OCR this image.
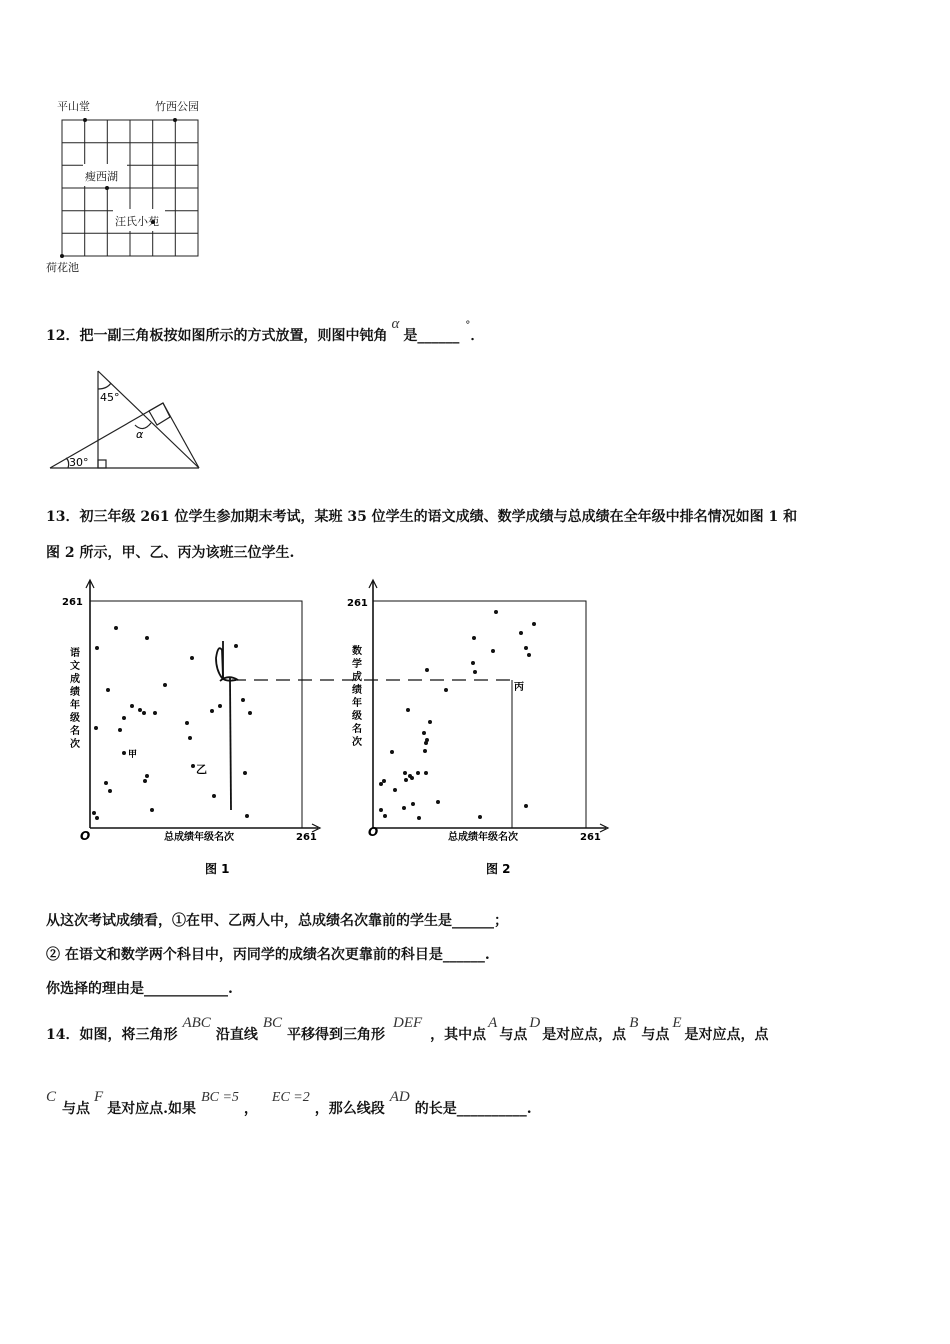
平山堂	竹西公园
瘦西湖
汪氏小苑
荷花池
12．把一副三角板按如图所示的方式放置，则图中钝角α是______°．
45°
30°
α
13．初三年级 261 位学生参加期末考试，某班 35 位学生的语文成绩、数学成绩与总成绩在全年级中排名情况如图 1 和
图 2 所示，甲、乙、丙为该班三位学生.
261
O	总成绩年级名次	261
图 1
语
文
成
绩
年
级
名
次
甲
乙
261
O	总成绩年级名次	261
图 2
数
学
成
绩
年
级
名
次
丙
从这次考试成绩看，①在甲、乙两人中，总成绩名次靠前的学生是______；
② 在语文和数学两个科目中，丙同学的成绩名次更靠前的科目是______.
你选择的理由是____________.
14．如图，将三角形ABC沿直线BC平移得到三角形DEF，其中点A与点D是对应点，点B与点E是对应点，点
C与点F是对应点.如果BC =5，EC =2，那么线段AD的长是__________.
